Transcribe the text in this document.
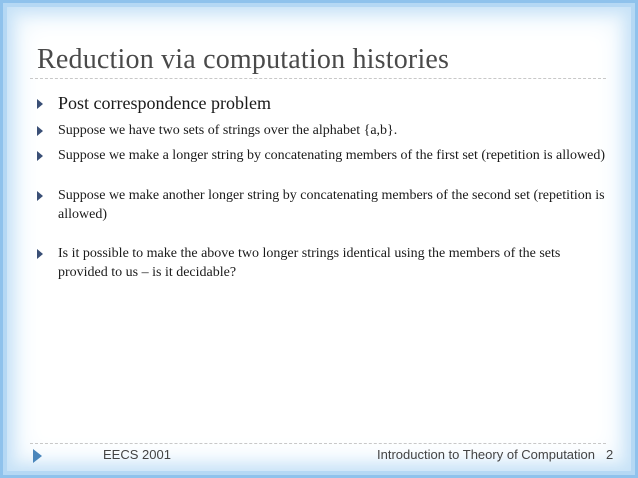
Reduction via computation histories
Post correspondence problem
Suppose we have two sets of strings over the alphabet {a,b}.
Suppose we make a longer string by concatenating members of the first set (repetition is allowed)
Suppose we make another longer string by concatenating members of the second set (repetition is allowed)
Is it possible to make the above two longer strings identical using the members of the sets provided to us – is it decidable?
EECS 2001	Introduction to Theory of Computation 2
